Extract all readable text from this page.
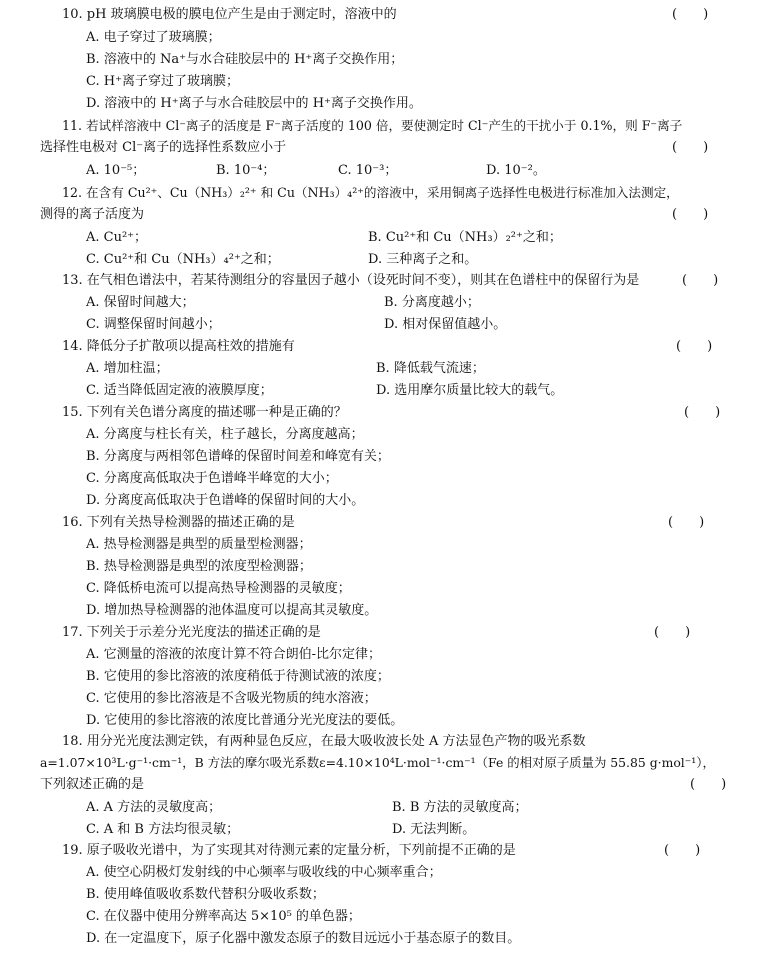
10. pH 玻璃膜电极的膜电位产生是由于测定时，溶液中的	(　　)
A. 电子穿过了玻璃膜；
B. 溶液中的 Na⁺与水合硅胶层中的 H⁺离子交换作用；
C. H⁺离子穿过了玻璃膜；
D. 溶液中的 H⁺离子与水合硅胶层中的 H⁺离子交换作用。
11. 若试样溶液中 Cl⁻离子的活度是 F⁻离子活度的 100 倍，要使测定时 Cl⁻产生的干扰小于 0.1%，则 F⁻离子
选择性电极对 Cl⁻离子的选择性系数应小于	(　　)
A. 10⁻⁵；	B. 10⁻⁴；	C. 10⁻³；	D. 10⁻²。
12. 在含有 Cu²⁺、Cu（NH₃）₂²⁺ 和 Cu（NH₃）₄²⁺的溶液中，采用铜离子选择性电极进行标准加入法测定，
测得的离子活度为	(　　)
A. Cu²⁺；	B. Cu²⁺和 Cu（NH₃）₂²⁺之和；
C. Cu²⁺和 Cu（NH₃）₄²⁺之和；	D. 三种离子之和。
13. 在气相色谱法中，若某待测组分的容量因子越小（设死时间不变），则其在色谱柱中的保留行为是	(　　)
A. 保留时间越大；	B. 分离度越小；
C. 调整保留时间越小；	D. 相对保留值越小。
14. 降低分子扩散项以提高柱效的措施有	(　　)
A. 增加柱温；	B. 降低载气流速；
C. 适当降低固定液的液膜厚度；	D. 选用摩尔质量比较大的载气。
15. 下列有关色谱分离度的描述哪一种是正确的？	(　　)
A. 分离度与柱长有关，柱子越长，分离度越高；
B. 分离度与两相邻色谱峰的保留时间差和峰宽有关；
C. 分离度高低取决于色谱峰半峰宽的大小；
D. 分离度高低取决于色谱峰的保留时间的大小。
16. 下列有关热导检测器的描述正确的是	(　　)
A. 热导检测器是典型的质量型检测器；
B. 热导检测器是典型的浓度型检测器；
C. 降低桥电流可以提高热导检测器的灵敏度；
D. 增加热导检测器的池体温度可以提高其灵敏度。
17. 下列关于示差分光光度法的描述正确的是	(　　)
A. 它测量的溶液的浓度计算不符合朗伯-比尔定律；
B. 它使用的参比溶液的浓度稍低于待测试液的浓度；
C. 它使用的参比溶液是不含吸光物质的纯水溶液；
D. 它使用的参比溶液的浓度比普通分光光度法的要低。
18. 用分光光度法测定铁，有两种显色反应，在最大吸收波长处 A 方法显色产物的吸光系数
a=1.07×10³L·g⁻¹·cm⁻¹，B 方法的摩尔吸光系数ε=4.10×10⁴L·mol⁻¹·cm⁻¹（Fe 的相对原子质量为 55.85 g·mol⁻¹），
下列叙述正确的是	(　　)
A. A 方法的灵敏度高；	B. B 方法的灵敏度高；
C. A 和 B 方法均很灵敏；	D. 无法判断。
19. 原子吸收光谱中，为了实现其对待测元素的定量分析，下列前提不正确的是	(　　)
A. 使空心阴极灯发射线的中心频率与吸收线的中心频率重合；
B. 使用峰值吸收系数代替积分吸收系数；
C. 在仪器中使用分辨率高达 5×10⁵ 的单色器；
D. 在一定温度下，原子化器中激发态原子的数目远远小于基态原子的数目。
